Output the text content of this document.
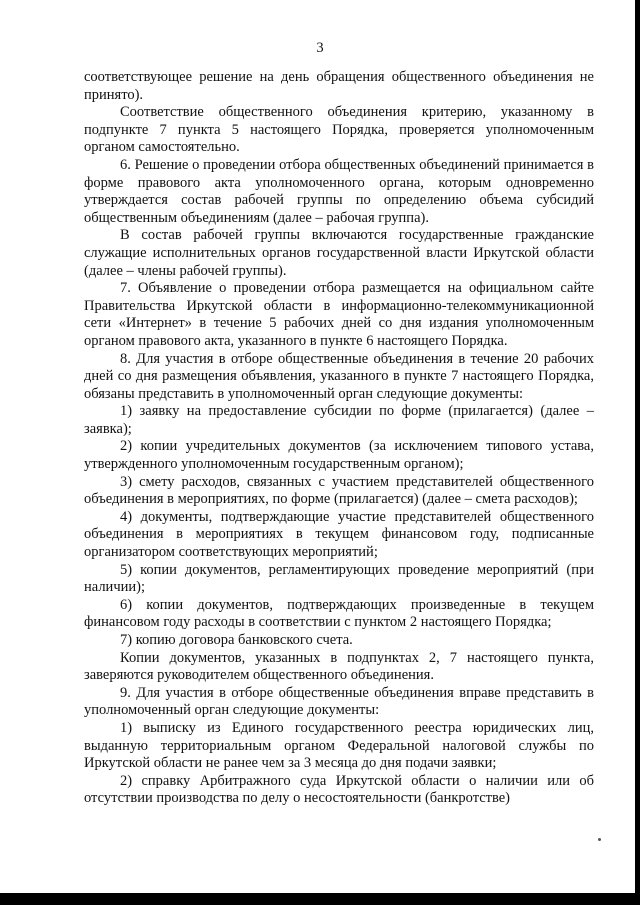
3

соответствующее решение на день обращения общественного объединения не принято).

Соответствие общественного объединения критерию, указанному в подпункте 7 пункта 5 настоящего Порядка, проверяется уполномоченным органом самостоятельно.

6. Решение о проведении отбора общественных объединений принимается в форме правового акта уполномоченного органа, которым одновременно утверждается состав рабочей группы по определению объема субсидий общественным объединениям (далее – рабочая группа).

В состав рабочей группы включаются государственные гражданские служащие исполнительных органов государственной власти Иркутской области (далее – члены рабочей группы).

7. Объявление о проведении отбора размещается на официальном сайте Правительства Иркутской области в информационно-телекоммуникационной сети «Интернет» в течение 5 рабочих дней со дня издания уполномоченным органом правового акта, указанного в пункте 6 настоящего Порядка.

8. Для участия в отборе общественные объединения в течение 20 рабочих дней со дня размещения объявления, указанного в пункте 7 настоящего Порядка, обязаны представить в уполномоченный орган следующие документы:

1) заявку на предоставление субсидии по форме (прилагается) (далее – заявка);

2) копии учредительных документов (за исключением типового устава, утвержденного уполномоченным государственным органом);

3) смету расходов, связанных с участием представителей общественного объединения в мероприятиях, по форме (прилагается) (далее – смета расходов);

4) документы, подтверждающие участие представителей общественного объединения в мероприятиях в текущем финансовом году, подписанные организатором соответствующих мероприятий;

5) копии документов, регламентирующих проведение мероприятий (при наличии);

6) копии документов, подтверждающих произведенные в текущем финансовом году расходы в соответствии с пунктом 2 настоящего Порядка;

7) копию договора банковского счета.

Копии документов, указанных в подпунктах 2, 7 настоящего пункта, заверяются руководителем общественного объединения.

9. Для участия в отборе общественные объединения вправе представить в уполномоченный орган следующие документы:

1) выписку из Единого государственного реестра юридических лиц, выданную территориальным органом Федеральной налоговой службы по Иркутской области не ранее чем за 3 месяца до дня подачи заявки;

2) справку Арбитражного суда Иркутской области о наличии или об отсутствии производства по делу о несостоятельности (банкротстве)
